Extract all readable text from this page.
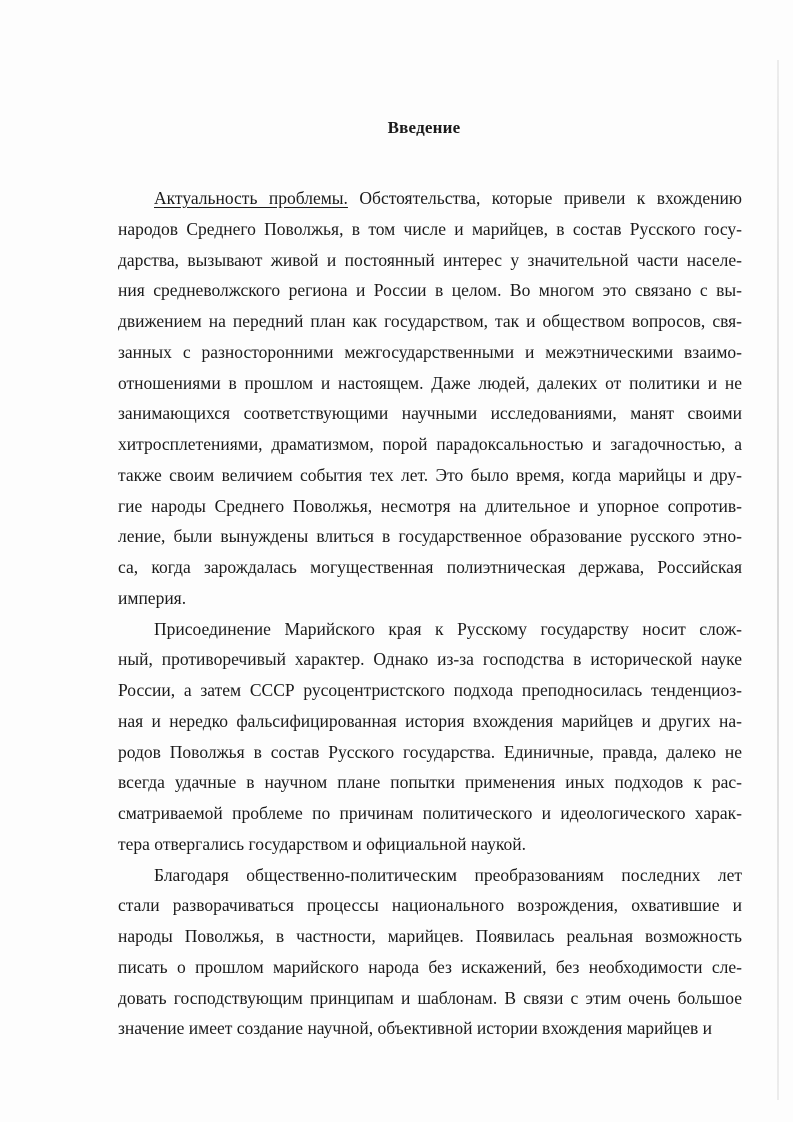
Введение
Актуальность проблемы. Обстоятельства, которые привели к вхождению
народов Среднего Поволжья, в том числе и марийцев, в состав Русского госу-
дарства, вызывают живой и постоянный интерес у значительной части населе-
ния средневолжского региона и России в целом. Во многом это связано с вы-
движением на передний план как государством, так и обществом вопросов, свя-
занных с разносторонними межгосударственными и межэтническими взаимо-
отношениями в прошлом и настоящем. Даже людей, далеких от политики и не
занимающихся соответствующими научными исследованиями, манят своими
хитросплетениями, драматизмом, порой парадоксальностью и загадочностью, а
также своим величием события тех лет. Это было время, когда марийцы и дру-
гие народы Среднего Поволжья, несмотря на длительное и упорное сопротив-
ление, были вынуждены влиться в государственное образование русского этно-
са, когда зарождалась могущественная полиэтническая держава, Российская
империя.
Присоединение Марийского края к Русскому государству носит слож-
ный, противоречивый характер. Однако из-за господства в исторической науке
России, а затем СССР русоцентристского подхода преподносилась тенденциоз-
ная и нередко фальсифицированная история вхождения марийцев и других на-
родов Поволжья в состав Русского государства. Единичные, правда, далеко не
всегда удачные в научном плане попытки применения иных подходов к рас-
сматриваемой проблеме по причинам политического и идеологического харак-
тера отвергались государством и официальной наукой.
Благодаря общественно-политическим преобразованиям последних лет
стали разворачиваться процессы национального возрождения, охватившие и
народы Поволжья, в частности, марийцев. Появилась реальная возможность
писать о прошлом марийского народа без искажений, без необходимости сле-
довать господствующим принципам и шаблонам. В связи с этим очень большое
значение имеет создание научной, объективной истории вхождения марийцев и
